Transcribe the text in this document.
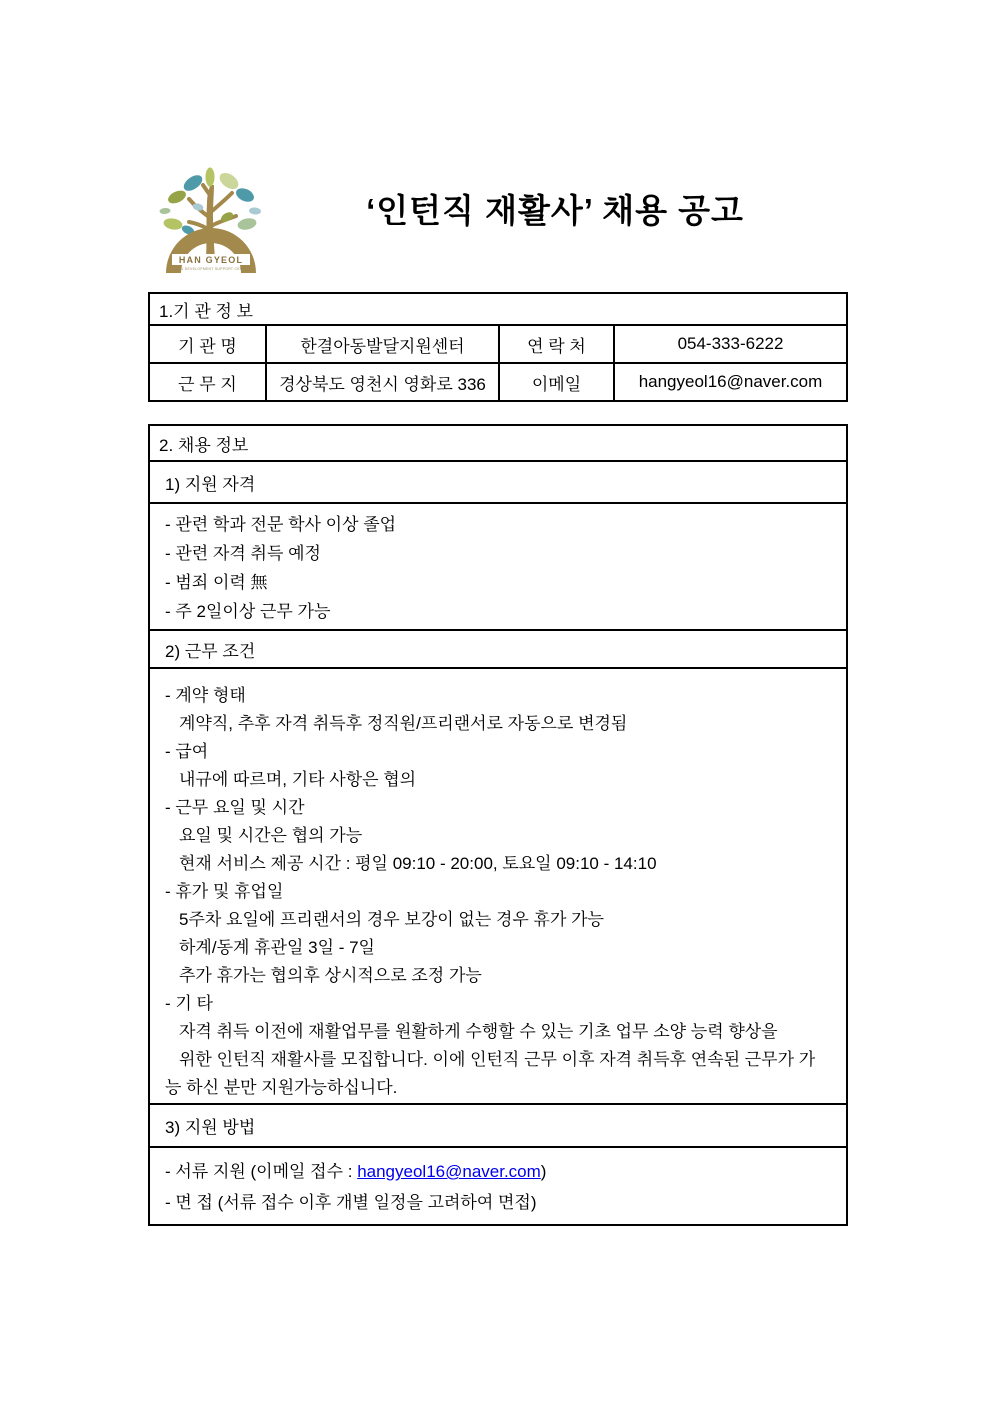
HAN GYEOL
CHILD DEVELOPMENT SUPPORT CENTER
‘인턴직 재활사’ 채용 공고
1.기 관 정 보
기 관 명	한결아동발달지원센터	연 락 처	054-333-6222
근 무 지	경상북도 영천시 영화로 336	이메일	hangyeol16@naver.com
2. 채용 정보
1) 지원 자격
- 관련 학과 전문 학사 이상 졸업
- 관련 자격 취득 예정
- 범죄 이력 無
- 주 2일이상 근무 가능
2) 근무 조건
- 계약 형태
계약직, 추후 자격 취득후 정직원/프리랜서로 자동으로 변경됨
- 급여
내규에 따르며, 기타 사항은 협의
- 근무 요일 및 시간
요일 및 시간은 협의 가능
현재 서비스 제공 시간 : 평일 09:10 - 20:00, 토요일 09:10 - 14:10
- 휴가 및 휴업일
5주차 요일에 프리랜서의 경우 보강이 없는 경우 휴가 가능
하계/동계 휴관일 3일 - 7일
추가 휴가는 협의후 상시적으로 조정 가능
- 기 타
자격 취득 이전에 재활업무를 원활하게 수행할 수 있는 기초 업무 소양 능력 향상을
위한 인턴직 재활사를 모집합니다. 이에 인턴직 근무 이후 자격 취득후 연속된 근무가 가
능 하신 분만 지원가능하십니다.
3) 지원 방법
- 서류 지원 (이메일 접수 : hangyeol16@naver.com)
- 면 접 (서류 접수 이후 개별 일정을 고려하여 면접)
